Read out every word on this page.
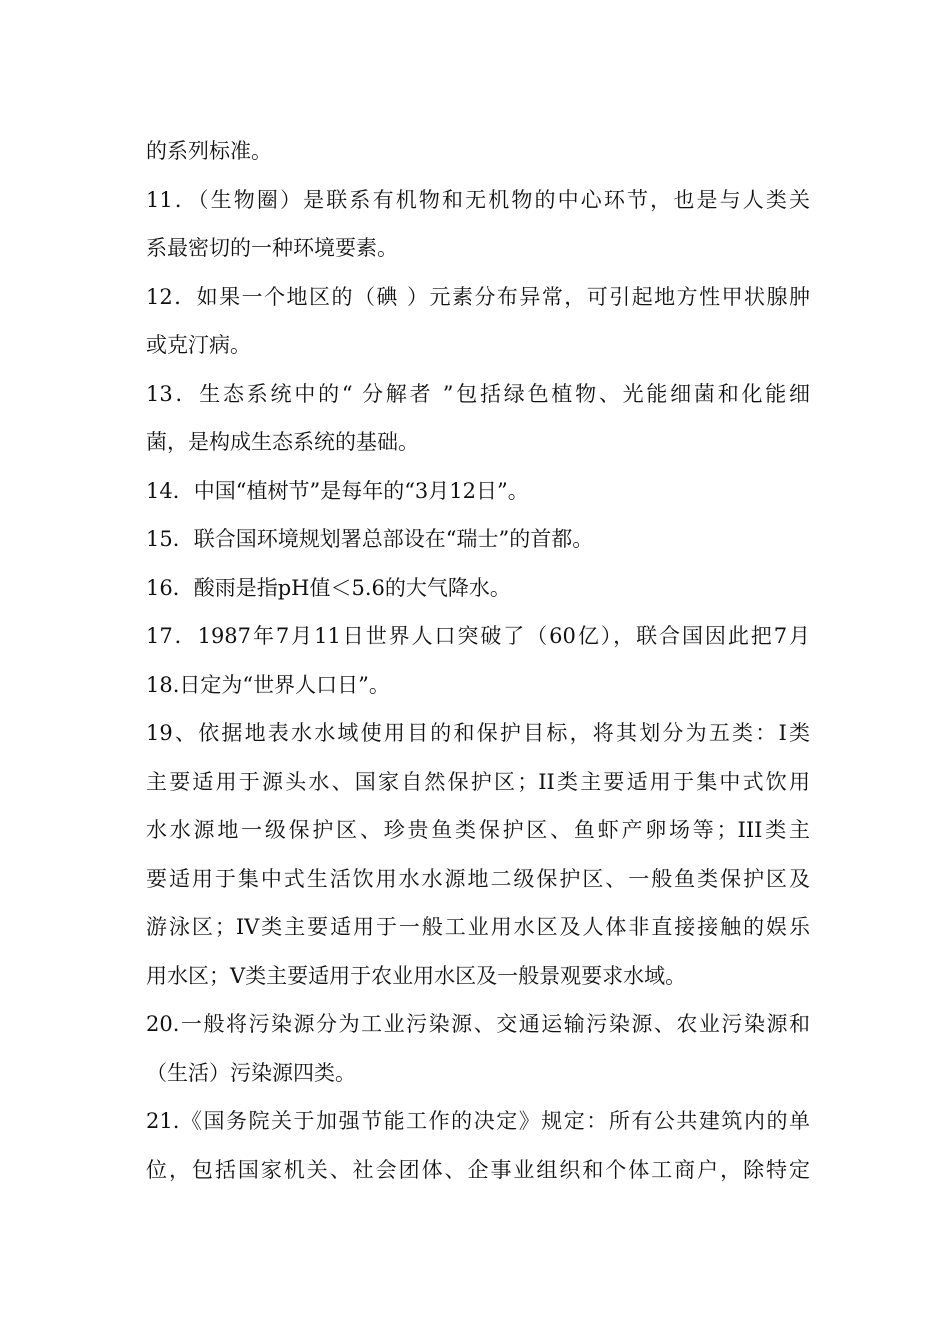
的系列标准。
11．（生物圈）是联系有机物和无机物的中心环节，也是与人类关
系最密切的一种环境要素。
12．如果一个地区的（碘 ）元素分布异常，可引起地方性甲状腺肿
或克汀病。
13．生态系统中的“ 分解者 ”包括绿色植物、光能细菌和化能细
菌，是构成生态系统的基础。
14．中国“植树节”是每年的“3月12日”。
15．联合国环境规划署总部设在“瑞士”的首都。
16．酸雨是指pH值＜5.6的大气降水。
17．1987年7月11日世界人口突破了（60亿），联合国因此把7月
18.日定为“世界人口日”。
19、依据地表水水域使用目的和保护目标，将其划分为五类：I类
主要适用于源头水、国家自然保护区；II类主要适用于集中式饮用
水水源地一级保护区、珍贵鱼类保护区、鱼虾产卵场等；III类主
要适用于集中式生活饮用水水源地二级保护区、一般鱼类保护区及
游泳区；IV类主要适用于一般工业用水区及人体非直接接触的娱乐
用水区；V类主要适用于农业用水区及一般景观要求水域。
20.一般将污染源分为工业污染源、交通运输污染源、农业污染源和
（生活）污染源四类。
21.《国务院关于加强节能工作的决定》规定：所有公共建筑内的单
位，包括国家机关、社会团体、企事业组织和个体工商户，除特定
